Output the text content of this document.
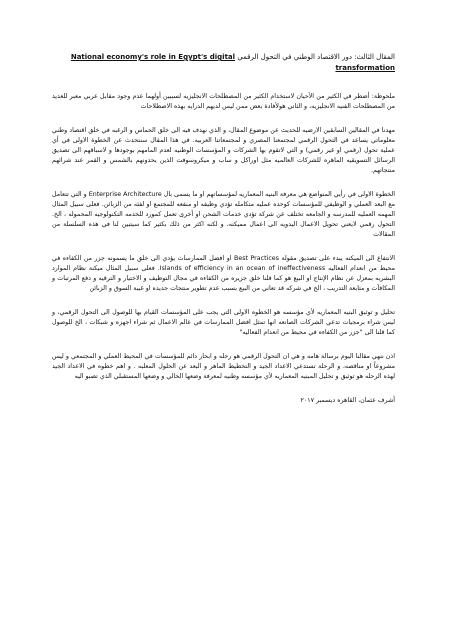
المقال الثالث: دور الاقتصاد الوطني في التحول الرقمي National economy's role in Egypt's digital transformation

ملحوظة: أضطر في الكثير من الأحيان لاستخدام الكثير من المصطلحات الانجليزيه لسببين أولهما عدم وجود مقابل عربي معبر للعديد من المصطلحات الفنيه الانجليزيه، و الثاني هولأفادة بعض ممن ليس لديهم الدرايه بهذه الاصطلاحات

مهدنا في المقالين السابقين الارضيه للحديث عن موضوع المقال، و الذي نهدف فيه الى خلق الحماس و الرغبه في خلق اقتصاد وطني معلوماتي يساعد في التحول الرقمي لمجتمعنا المصري و لمجتمعاتنا العربيه. في هذا المقال سنتحدث عن الخطوة الاولى في أي عملية تحول (رقمي او غير رقمي) و التي لاتقوم بها الشركات و المؤسسات الوطنيه لعدم المامهم بوجودها و لاسباقهم الى تصديق الرسائل التسويقيه الماهره للشركات العالميه مثل اوراكل و ساب و ميكروسوفت الذين يحدونهم بالشمس و القمر عند شرائهم منتجاتهم.

الخطوة الاولى في رأيي المتواضع هي معرفة البنيه المعماريه لمؤسساتهم او ما يسمى بال Enterprise Architecture و التي تتعامل مع البعد العملي و الوظيفي للمؤسسات كوحده عمليه متكامله تؤدي وظيفه او منفعه للمجتمع او لفئه من الزبائن. فعلى سبيل المثال المهمه العمليه للمدرسه و الجامعه تختلف عن شركة تؤدي خدمات الشحن او أخرى تعمل كمورد للخدمه التكنولوجيه المحموله ، الخ. التحول رقمي لايعني تحويل الاعمال اليدويه الى اعمال مميكنه، و لكنه اكثر من ذلك بكثير كما سيتبين لنا في هذه السلسلة من المقالات

الانتفاع الى الميكنه يبدء على تصديق مقولة Best Practices او افضل الممارسات يؤدي الى خلق ما يسمونه جزر من الكفاءه في محيط من انعدام الفعاليه Islands of efficiency in an ocean of ineffectiveness. فعلى سبيل المثال ميكنة نظام الموارد البشريه بمعزل عن نظام الإنتاج او البيع هو كما قلنا خلق جزيره من الكفاءه في مجال التوظيف و الاختيار و الترقيه و دفع المرتبات و المكافآت و متابعة التدريب ، الخ في شركه قد تعاني من البيع بسبب عدم تطوير منتجات جديده او غيبة السوق و الزبائن

تحليل و توثيق البنيه المعماريه لأي مؤسسه هو الخطوه الاولى التي يجب على المؤسسات القيام بها للوصول الى التحول الرقمي، و ليس شراء برمجيات تدعي الشركات الصانعه انها تمثل افضل الممارسات في عالم الاعمال ثم شراء اجهزه و شبكات ، الخ للوصول كما قلنا الى "جزر من الكفاءه في محيط من انعدام الفعاليه"

اذن ننهي مقالنا اليوم برسالة هامه و هي ان التحول الرقمي هو رحله و ابحار دائم للمؤسسات في المحيط العملي و المجتمعي و ليس مشروعاً او مناقصه، و الرحلة تستدعي الاعداد الجيد و التخطيط الماهر و البعد عن الحلول المعلبه . و اهم خطوه في الاعداد الجيد لهذه الرحله هو توثيق و تحليل المبنيه المعماريه لأي مؤسسه وطنيه لمعرفة وضعها الحالي و وضعها المستقبلي الذي تصبو اليه

أشرف عثمان، القاهره ديسمبر ٢٠١٧
